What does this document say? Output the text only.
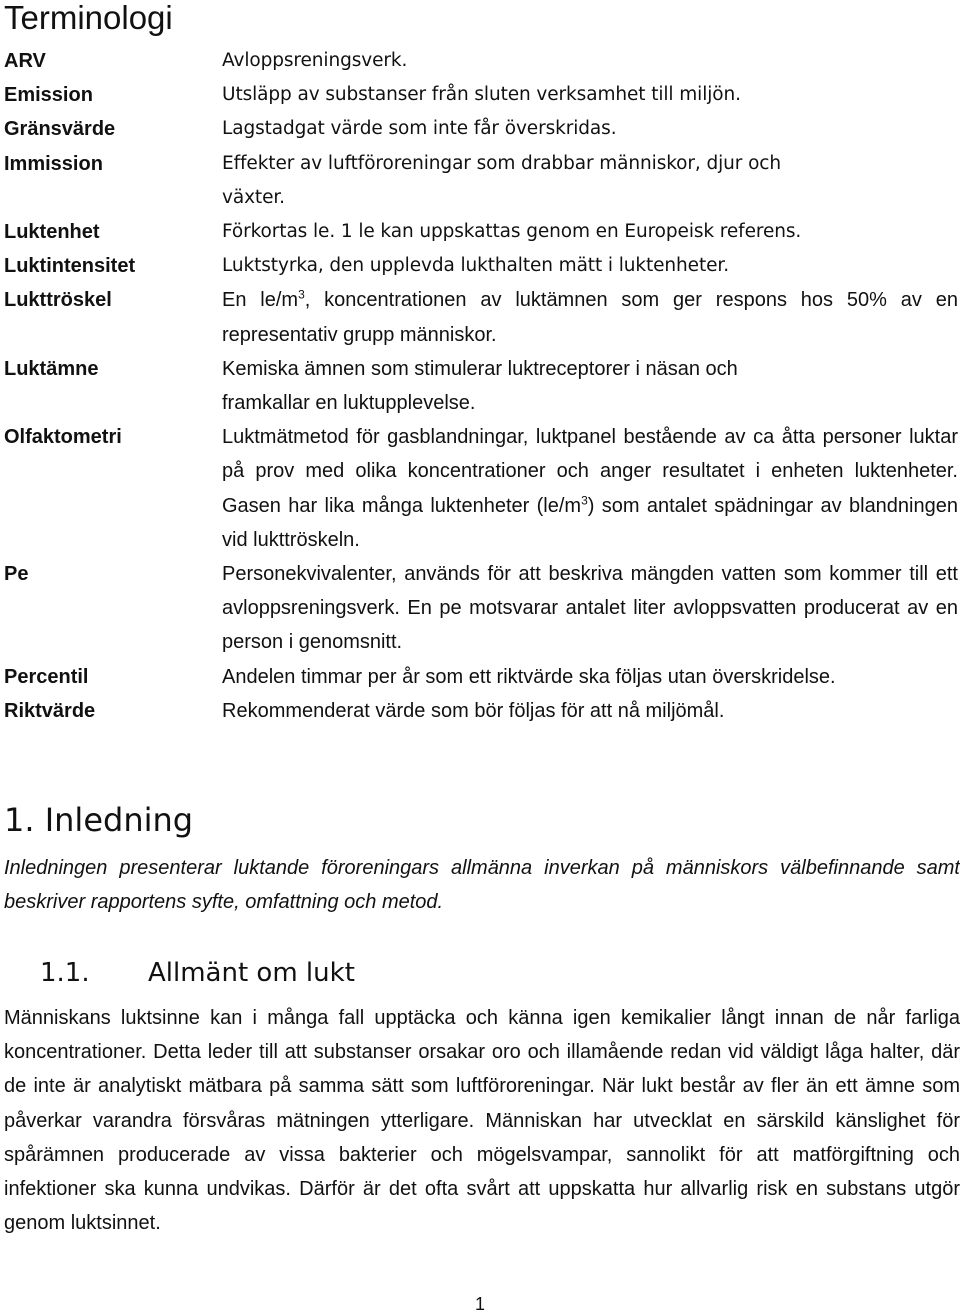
Terminologi
ARV	Avloppsreningsverk.
Emission	Utsläpp av substanser från sluten verksamhet till miljön.
Gränsvärde	Lagstadgat värde som inte får överskridas.
Immission	Effekter av luftföroreningar som drabbar människor, djur och växter.
Luktenhet	Förkortas le. 1 le kan uppskattas genom en Europeisk referens.
Luktintensitet	Luktstyrka, den upplevda lukthalten mätt i luktenheter.
Lukttröskel	En $le/m^3$, koncentrationen av luktämnen som ger respons hos 50% av en representativ grupp människor.
Luktämne	Kemiska ämnen som stimulerar luktreceptorer i näsan och framkallar en luktupplevelse.
Olfaktometri	Luktmätmetod för gasblandningar, luktpanel bestående av ca åtta personer luktar på prov med olika koncentrationer och anger resultatet i enheten luktenheter. Gasen har lika många luktenheter $(le/m^3)$ som antalet spädningar av blandningen vid lukttröskeln.
Pe	Personekvivalenter, används för att beskriva mängden vatten som kommer till ett avloppsreningsverk. En pe motsvarar antalet liter avloppsvatten producerat av en person i genomsnitt.
Percentil	Andelen timmar per år som ett riktvärde ska följas utan överskridelse.
Riktvärde	Rekommenderat värde som bör följas för att nå miljömål.
1. Inledning

Inledningen presenterar luktande föroreningars allmänna inverkan på människors välbefinnande samt beskriver rapportens syfte, omfattning och metod.

1.1.	Allmänt om lukt

Människans luktsinne kan i många fall upptäcka och känna igen kemikalier långt innan de når farliga koncentrationer. Detta leder till att substanser orsakar oro och illamående redan vid väldigt låga halter, där de inte är analytiskt mätbara på samma sätt som luftföroreningar. När lukt består av fler än ett ämne som påverkar varandra försvåras mätningen ytterligare. Människan har utvecklat en särskild känslighet för spårämnen producerade av vissa bakterier och mögelsvampar, sannolikt för att matförgiftning och infektioner ska kunna undvikas. Därför är det ofta svårt att uppskatta hur allvarlig risk en substans utgör genom luktsinnet.

1
